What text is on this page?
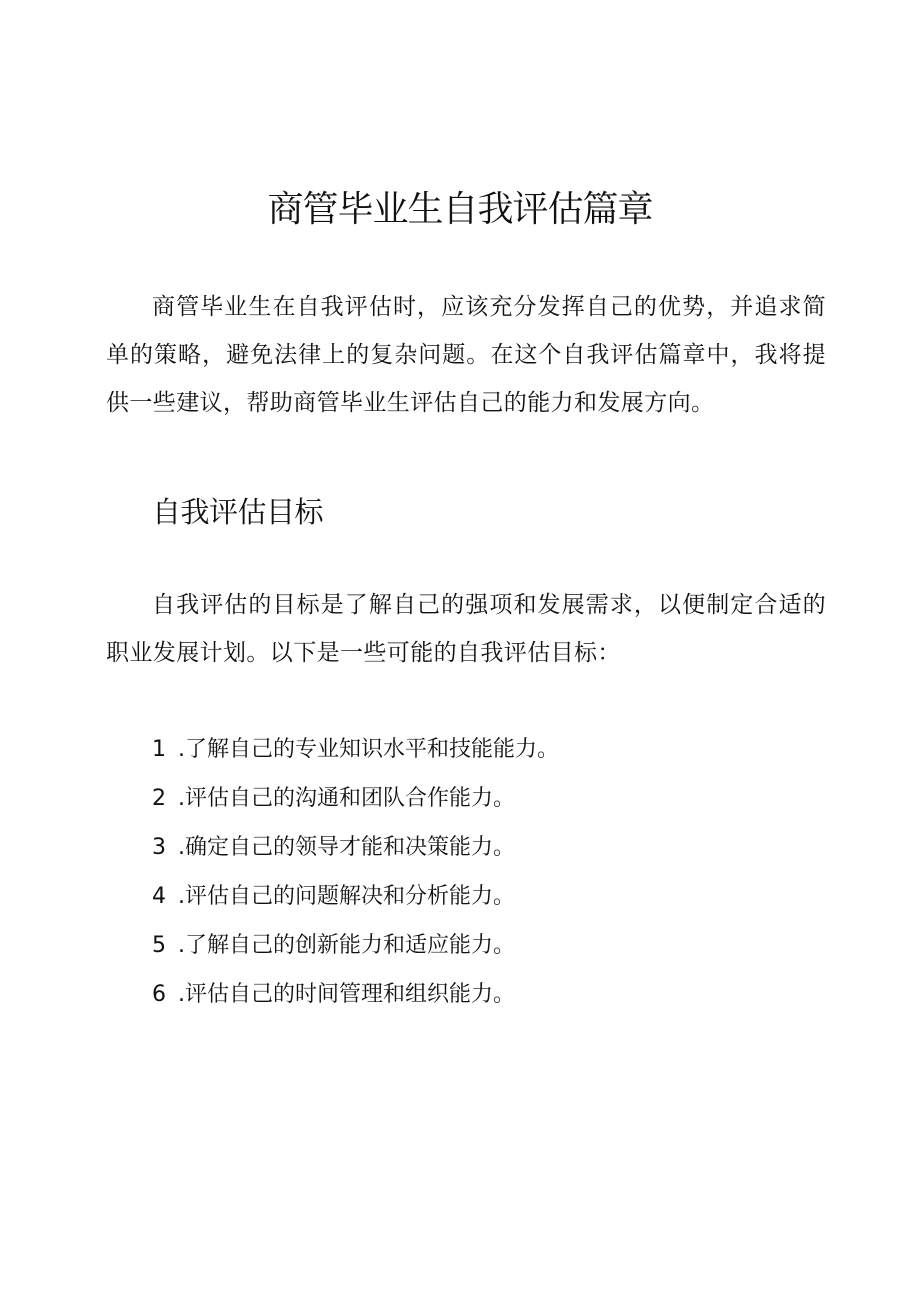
商管毕业生自我评估篇章

商管毕业生在自我评估时，应该充分发挥自己的优势，并追求简单的策略，避免法律上的复杂问题。在这个自我评估篇章中，我将提供一些建议，帮助商管毕业生评估自己的能力和发展方向。

自我评估目标

自我评估的目标是了解自己的强项和发展需求，以便制定合适的职业发展计划。以下是一些可能的自我评估目标：

1 .了解自己的专业知识水平和技能能力。
2 .评估自己的沟通和团队合作能力。
3 .确定自己的领导才能和决策能力。
4 .评估自己的问题解决和分析能力。
5 .了解自己的创新能力和适应能力。
6 .评估自己的时间管理和组织能力。
